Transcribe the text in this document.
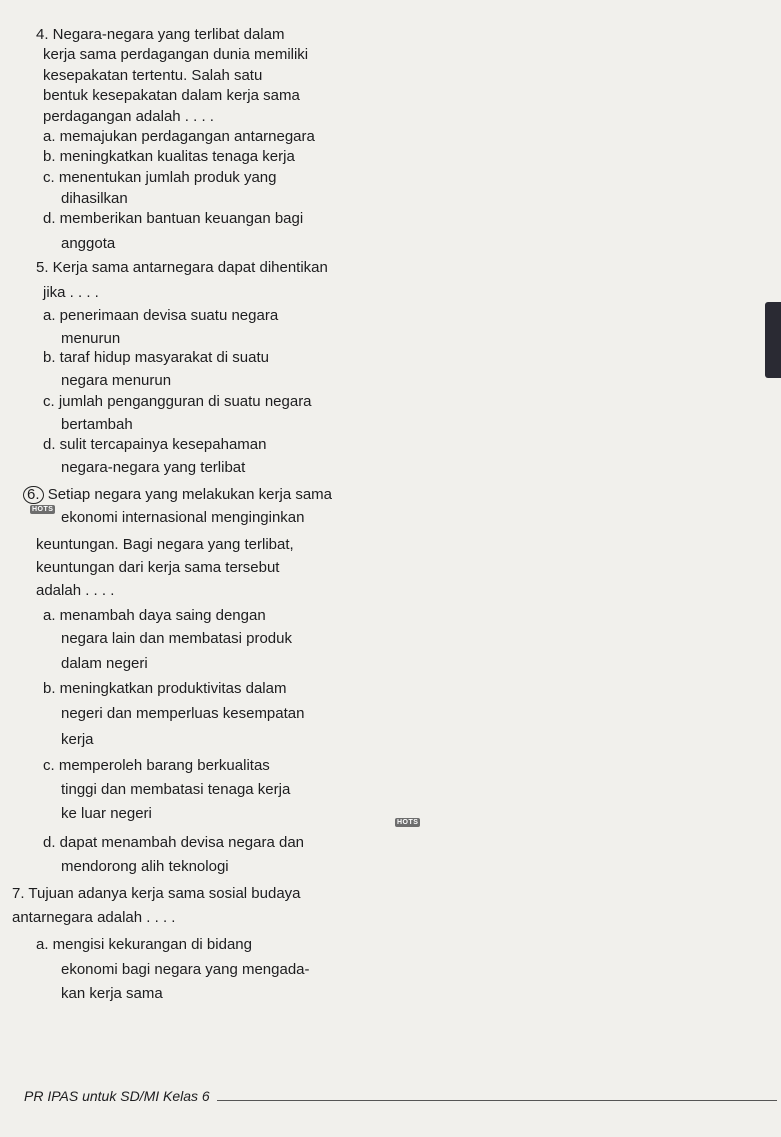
4. Negara-negara yang terlibat dalam
kerja sama perdagangan dunia memiliki
kesepakatan tertentu. Salah satu
bentuk kesepakatan dalam kerja sama
perdagangan adalah . . . .
a. memajukan perdagangan antarnegara
b. meningkatkan kualitas tenaga kerja
c. menentukan jumlah produk yang
dihasilkan
d. memberikan bantuan keuangan bagi
anggota
5. Kerja sama antarnegara dapat dihentikan
jika . . . .
a. penerimaan devisa suatu negara
menurun
b. taraf hidup masyarakat di suatu
negara menurun
c. jumlah pengangguran di suatu negara
bertambah
d. sulit tercapainya kesepahaman
negara-negara yang terlibat
6. Setiap negara yang melakukan kerja sama
ekonomi internasional menginginkan
keuntungan. Bagi negara yang terlibat,
keuntungan dari kerja sama tersebut
adalah . . . .
a. menambah daya saing dengan
negara lain dan membatasi produk
dalam negeri
b. meningkatkan produktivitas dalam
negeri dan memperluas kesempatan
kerja
c. memperoleh barang berkualitas
tinggi dan membatasi tenaga kerja
ke luar negeri
d. dapat menambah devisa negara dan
mendorong alih teknologi
7. Tujuan adanya kerja sama sosial budaya
antarnegara adalah . . . .
a. mengisi kekurangan di bidang
ekonomi bagi negara yang mengada-
kan kerja sama
HOTS
HOTS
PR IPAS untuk SD/MI Kelas 6
